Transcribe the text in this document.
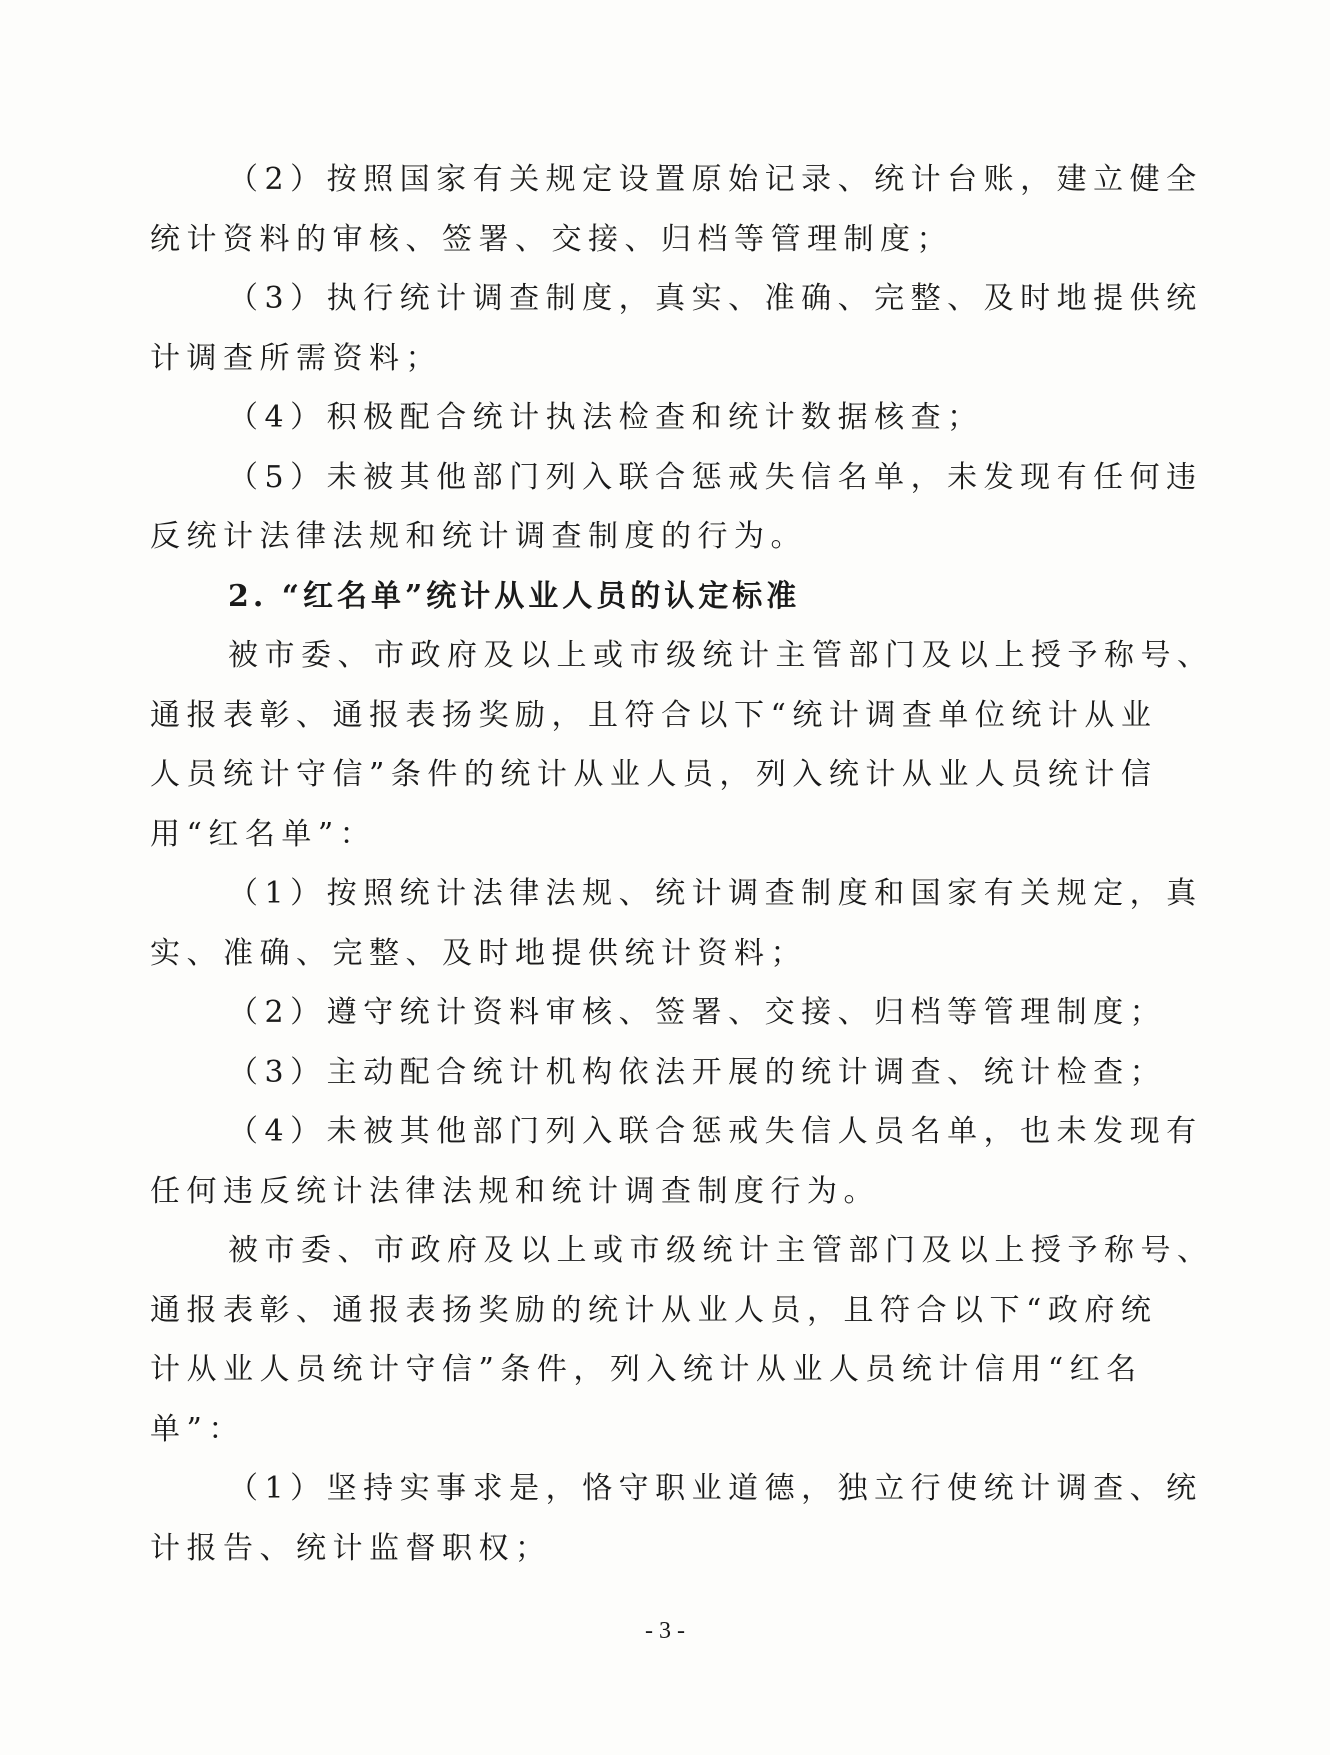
（2）按照国家有关规定设置原始记录、统计台账，建立健全
统计资料的审核、签署、交接、归档等管理制度；
（3）执行统计调查制度，真实、准确、完整、及时地提供统
计调查所需资料；
（4）积极配合统计执法检查和统计数据核查；
（5）未被其他部门列入联合惩戒失信名单，未发现有任何违
反统计法律法规和统计调查制度的行为。
2. “红名单”统计从业人员的认定标准
被市委、市政府及以上或市级统计主管部门及以上授予称号、
通报表彰、通报表扬奖励，且符合以下“统计调查单位统计从业
人员统计守信”条件的统计从业人员，列入统计从业人员统计信
用“红名单”：
（1）按照统计法律法规、统计调查制度和国家有关规定，真
实、准确、完整、及时地提供统计资料；
（2）遵守统计资料审核、签署、交接、归档等管理制度；
（3）主动配合统计机构依法开展的统计调查、统计检查；
（4）未被其他部门列入联合惩戒失信人员名单，也未发现有
任何违反统计法律法规和统计调查制度行为。
被市委、市政府及以上或市级统计主管部门及以上授予称号、
通报表彰、通报表扬奖励的统计从业人员，且符合以下“政府统
计从业人员统计守信”条件，列入统计从业人员统计信用“红名
单”：
（1）坚持实事求是，恪守职业道德，独立行使统计调查、统
计报告、统计监督职权；
- 3 -
